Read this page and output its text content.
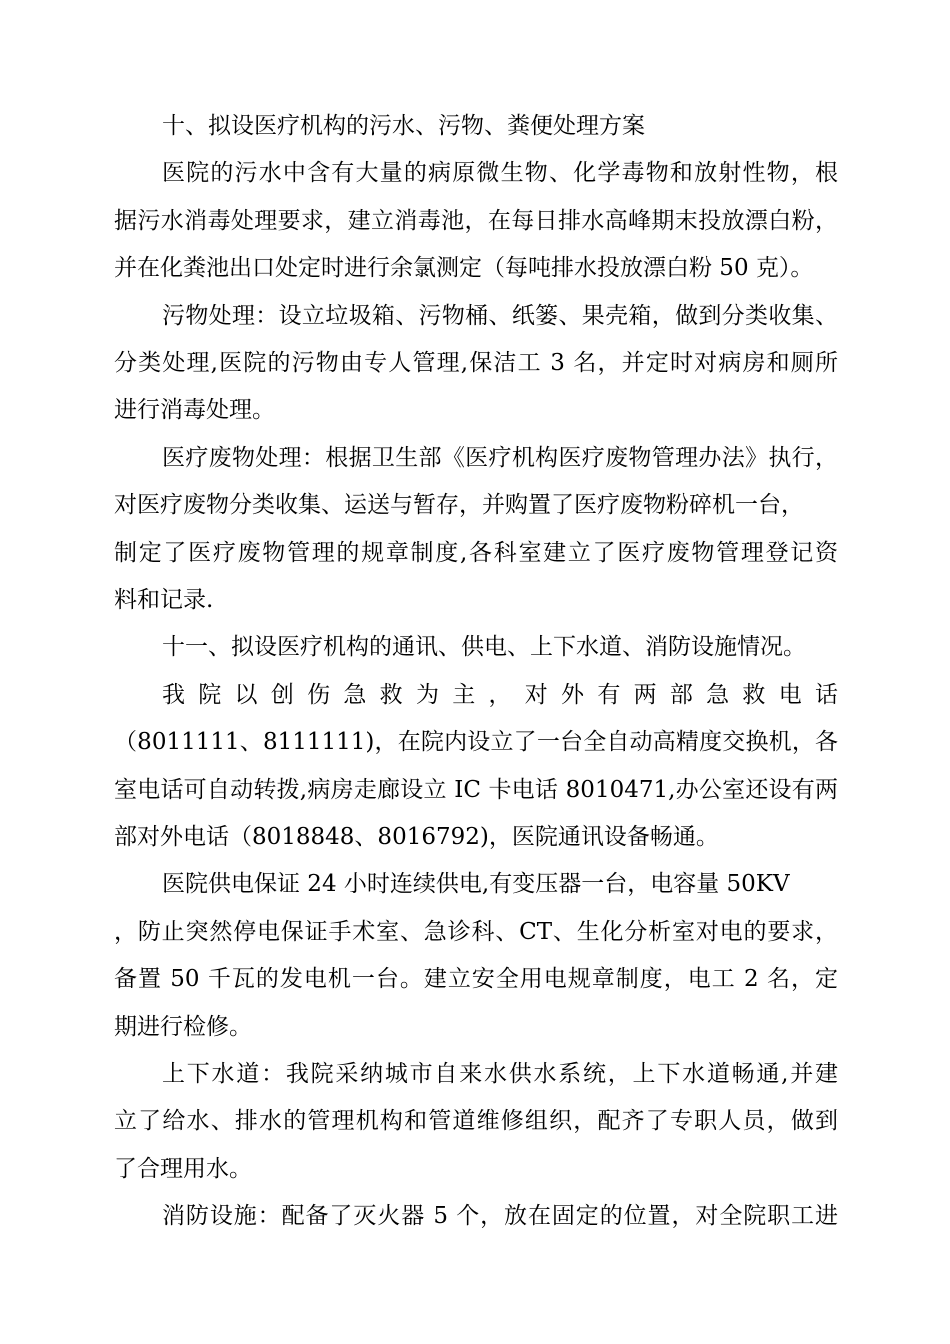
十、拟设医疗机构的污水、污物、粪便处理方案
医院的污水中含有大量的病原微生物、化学毒物和放射性物，根
据污水消毒处理要求，建立消毒池，在每日排水高峰期末投放漂白粉，
并在化粪池出口处定时进行余氯测定（每吨排水投放漂白粉 50 克）。
污物处理：设立垃圾箱、污物桶、纸篓、果壳箱，做到分类收集、
分类处理,医院的污物由专人管理,保洁工 3 名，并定时对病房和厕所
进行消毒处理。
医疗废物处理：根据卫生部《医疗机构医疗废物管理办法》执行，
对医疗废物分类收集、运送与暂存，并购置了医疗废物粉碎机一台，
制定了医疗废物管理的规章制度,各科室建立了医疗废物管理登记资
料和记录.
十一、拟设医疗机构的通讯、供电、上下水道、消防设施情况。
我 院 以 创 伤 急 救 为 主 ， 对 外 有 两 部 急 救 电 话
（8011111、8111111)，在院内设立了一台全自动高精度交换机，各
室电话可自动转拨,病房走廊设立 IC 卡电话 8010471,办公室还设有两
部对外电话（8018848、8016792)，医院通讯设备畅通。
医院供电保证 24 小时连续供电,有变压器一台，电容量 50KV
，防止突然停电保证手术室、急诊科、CT、生化分析室对电的要求，
备置 50 千瓦的发电机一台。建立安全用电规章制度，电工 2 名，定
期进行检修。
上下水道：我院采纳城市自来水供水系统，上下水道畅通,并建
立了给水、排水的管理机构和管道维修组织，配齐了专职人员，做到
了合理用水。
消防设施：配备了灭火器 5 个，放在固定的位置，对全院职工进
